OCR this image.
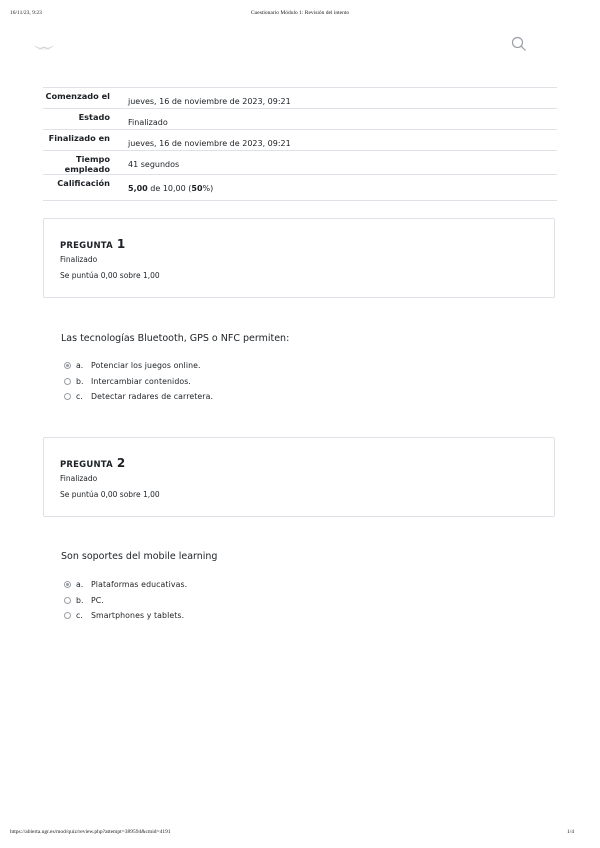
16/11/23, 9:23	Cuestionario Módulo 1: Revisión del intento
Comenzado el	jueves, 16 de noviembre de 2023, 09:21
Estado	Finalizado
Finalizado en	jueves, 16 de noviembre de 2023, 09:21
Tiempo empleado	41 segundos
Calificación	5,00 de 10,00 (50%)
PREGUNTA 1
Finalizado
Se puntúa 0,00 sobre 1,00
Las tecnologías Bluetooth, GPS o NFC permiten:
a. Potenciar los juegos online.
b. Intercambiar contenidos.
c.	Detectar radares de carretera.
PREGUNTA 2
Finalizado
Se puntúa 0,00 sobre 1,00
Son soportes del mobile learning
a. Plataformas educativas.
b. PC.
c.	Smartphones y tablets.
https://abierta.ugr.es/mod/quiz/review.php?attempt=389594&cmid=4191	1/4
